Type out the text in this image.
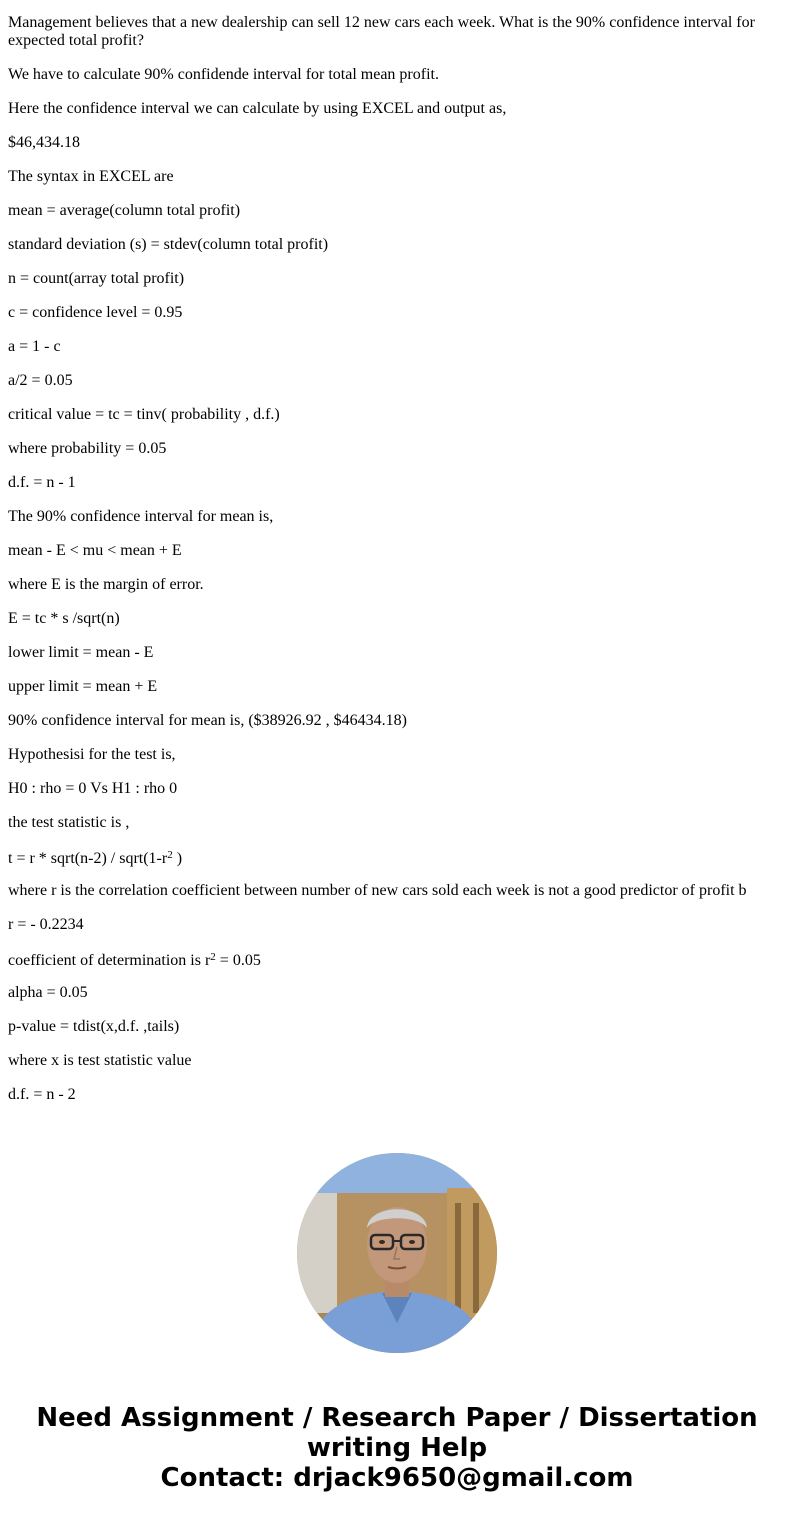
Management believes that a new dealership can sell 12 new cars each week. What is the 90% confidence interval for expected total profit?

We have to calculate 90% confidende interval for total mean profit.

Here the confidence interval we can calculate by using EXCEL and output as,

$46,434.18

The syntax in EXCEL are

mean = average(column total profit)

standard deviation (s) = stdev(column total profit)

n = count(array total profit)

c = confidence level = 0.95

a = 1 - c

a/2 = 0.05

critical value = tc = tinv( probability , d.f.)

where probability = 0.05

d.f. = n - 1

The 90% confidence interval for mean is,

mean - E < mu < mean + E

where E is the margin of error.

E = tc * s /sqrt(n)

lower limit = mean - E

upper limit = mean + E

90% confidence interval for mean is, ($38926.92 , $46434.18)

Hypothesisi for the test is,

H0 : rho = 0 Vs H1 : rho 0

the test statistic is ,

t = r * sqrt(n-2) / $sqrt(1-r^2$ )

where r is the correlation coefficient between number of new cars sold each week is not a good predictor of profit b

r = - 0.2234

coefficient of determination is $r^2 = 0.05$

alpha = 0.05

p-value = tdist(x,d.f. ,tails)

where x is test statistic value

d.f. = n - 2

Need Assignment / Research Paper / Dissertation
writing Help
Contact: drjack9650@gmail.com
